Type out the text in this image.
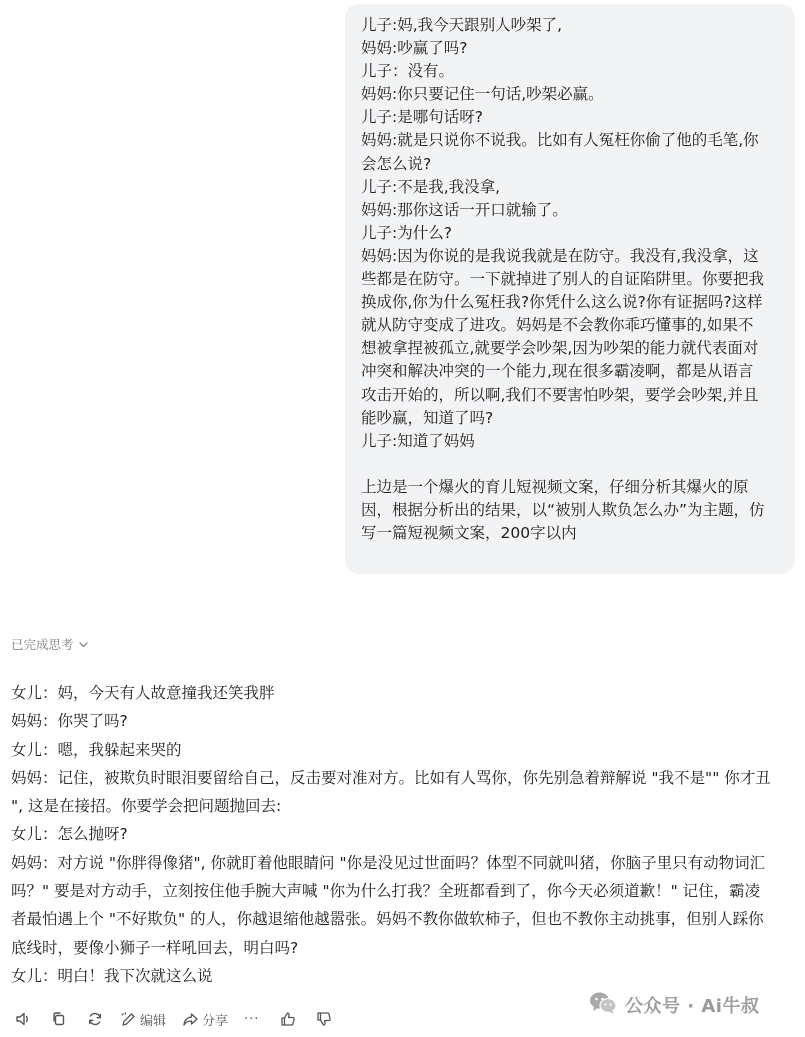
儿子:妈,我今天跟别人吵架了,
妈妈:吵赢了吗?
儿子：没有。
妈妈:你只要记住一句话,吵架必赢。
儿子:是哪句话呀?
妈妈:就是只说你不说我。比如有人冤枉你偷了他的毛笔,你
会怎么说?
儿子:不是我,我没拿,
妈妈:那你这话一开口就输了。
儿子:为什么?
妈妈:因为你说的是我说我就是在防守。我没有,我没拿，这
些都是在防守。一下就掉进了别人的自证陷阱里。你要把我
换成你,你为什么冤枉我?你凭什么这么说?你有证据吗?这样
就从防守变成了进攻。妈妈是不会教你乖巧懂事的,如果不
想被拿捏被孤立,就要学会吵架,因为吵架的能力就代表面对
冲突和解决冲突的一个能力,现在很多霸凌啊，都是从语言
攻击开始的，所以啊,我们不要害怕吵架，要学会吵架,并且
能吵赢，知道了吗?
儿子:知道了妈妈
上边是一个爆火的育儿短视频文案，仔细分析其爆火的原
因，根据分析出的结果，以“被别人欺负怎么办”为主题，仿
写一篇短视频文案，200字以内
已完成思考
女儿：妈，今天有人故意撞我还笑我胖
妈妈：你哭了吗?
女儿：嗯，我躲起来哭的
妈妈：记住，被欺负时眼泪要留给自己，反击要对准对方。比如有人骂你，你先别急着辩解说 "我不是"" 你才丑
", 这是在接招。你要学会把问题抛回去:
女儿：怎么抛呀?
妈妈：对方说 "你胖得像猪", 你就盯着他眼睛问 "你是没见过世面吗？体型不同就叫猪，你脑子里只有动物词汇
吗？" 要是对方动手，立刻按住他手腕大声喊 "你为什么打我？全班都看到了，你今天必须道歉！" 记住，霸凌
者最怕遇上个 "不好欺负" 的人，你越退缩他越嚣张。妈妈不教你做软柿子，但也不教你主动挑事，但别人踩你
底线时，要像小狮子一样吼回去，明白吗?
女儿：明白！我下次就这么说
编辑	分享 ···
公众号 · Ai牛叔
